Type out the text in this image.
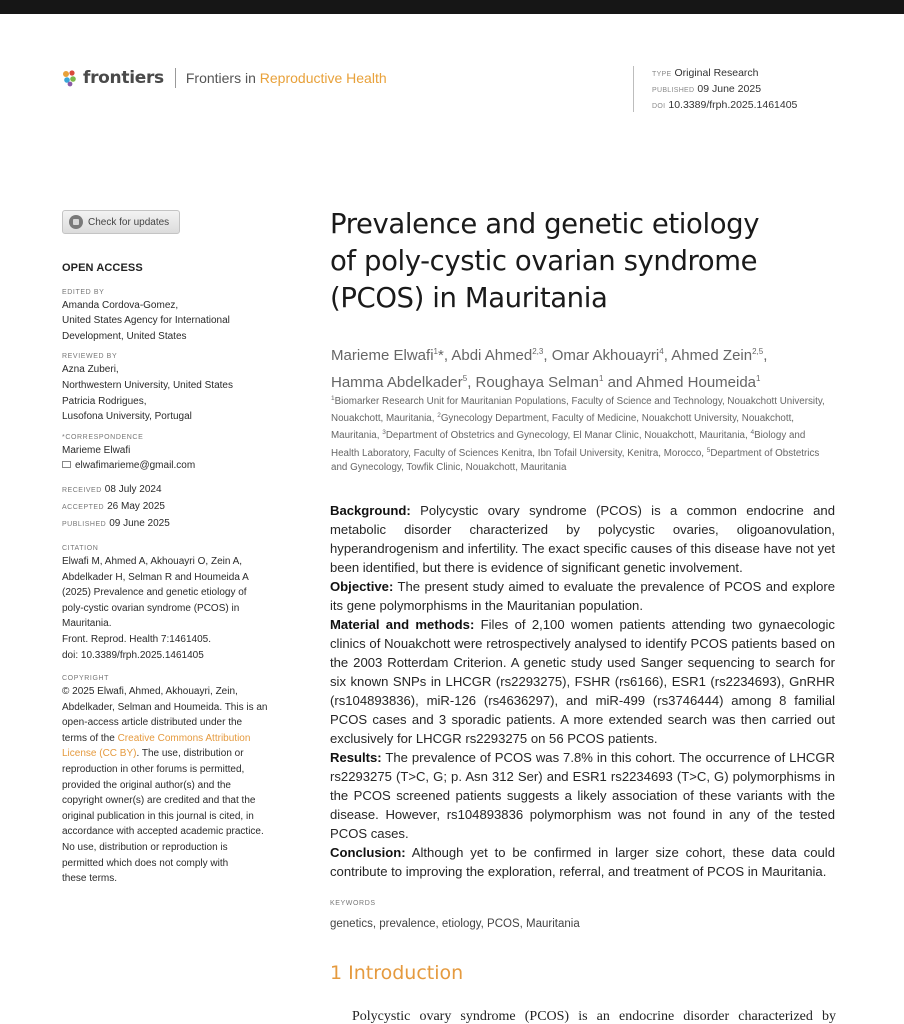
frontiers Frontiers in Reproductive Health	TYPE Original Research
PUBLISHED 09 June 2025
DOI 10.3389/frph.2025.1461405
Check for updates
OPEN ACCESS
EDITED BY
Amanda Cordova-Gomez,
United States Agency for International
Development, United States
REVIEWED BY
Azna Zuberi,
Northwestern University, United States
Patricia Rodrigues,
Lusofona University, Portugal
*CORRESPONDENCE
Marieme Elwafi
elwafimarieme@gmail.com
RECEIVED 08 July 2024
ACCEPTED 26 May 2025
PUBLISHED 09 June 2025
CITATION
Elwafi M, Ahmed A, Akhouayri O, Zein A,
Abdelkader H, Selman R and Houmeida A
(2025) Prevalence and genetic etiology of
poly-cystic ovarian syndrome (PCOS) in
Mauritania.
Front. Reprod. Health 7:1461405.
doi: 10.3389/frph.2025.1461405
COPYRIGHT
© 2025 Elwafi, Ahmed, Akhouayri, Zein,
Abdelkader, Selman and Houmeida. This is an
open-access article distributed under the
terms of the Creative Commons Attribution
License (CC BY). The use, distribution or
reproduction in other forums is permitted,
provided the original author(s) and the
copyright owner(s) are credited and that the
original publication in this journal is cited, in
accordance with accepted academic practice.
No use, distribution or reproduction is
permitted which does not comply with
these terms.
Prevalence and genetic etiology
of poly-cystic ovarian syndrome
(PCOS) in Mauritania
Marieme Elwafi$^1$*, Abdi Ahmed$^{2,3}$, Omar Akhouayri$^4$, Ahmed Zein$^{2,5}$,
Hamma Abdelkader$^5$, Roughaya Selman$^1$ and Ahmed Houmeida$^1$
$^1$Biomarker Research Unit for Mauritanian Populations, Faculty of Science and Technology, Nouakchott University, Nouakchott, Mauritania, $^2$Gynecology Department, Faculty of Medicine, Nouakchott University, Nouakchott, Mauritania, $^3$Department of Obstetrics and Gynecology, El Manar Clinic, Nouakchott, Mauritania, $^4$Biology and Health Laboratory, Faculty of Sciences Kenitra, Ibn Tofail University, Kenitra, Morocco, $^5$Department of Obstetrics and Gynecology, Towfik Clinic, Nouakchott, Mauritania

Background: Polycystic ovary syndrome (PCOS) is a common endocrine and metabolic disorder characterized by polycystic ovaries, oligoanovulation, hyperandrogenism and infertility. The exact specific causes of this disease have not yet been identified, but there is evidence of significant genetic involvement.

Objective: The present study aimed to evaluate the prevalence of PCOS and explore its gene polymorphisms in the Mauritanian population.

Material and methods: Files of 2,100 women patients attending two gynaecologic clinics of Nouakchott were retrospectively analysed to identify PCOS patients based on the 2003 Rotterdam Criterion. A genetic study used Sanger sequencing to search for six known SNPs in LHCGR (rs2293275), FSHR (rs6166), ESR1 (rs2234693), GnRHR (rs104893836), miR-126 (rs4636297), and miR-499 (rs3746444) among 8 familial PCOS cases and 3 sporadic patients. A more extended search was then carried out exclusively for LHCGR rs2293275 on 56 PCOS patients.

Results: The prevalence of PCOS was 7.8% in this cohort. The occurrence of LHCGR rs2293275 (T>C, G; p. Asn 312 Ser) and ESR1 rs2234693 (T>C, G) polymorphisms in the PCOS screened patients suggests a likely association of these variants with the disease. However, rs104893836 polymorphism was not found in any of the tested PCOS cases.

Conclusion: Although yet to be confirmed in larger size cohort, these data could contribute to improving the exploration, referral, and treatment of PCOS in Mauritania.

KEYWORDS
genetics, prevalence, etiology, PCOS, Mauritania
1 Introduction
Polycystic ovary syndrome (PCOS) is an endocrine disorder characterized by
